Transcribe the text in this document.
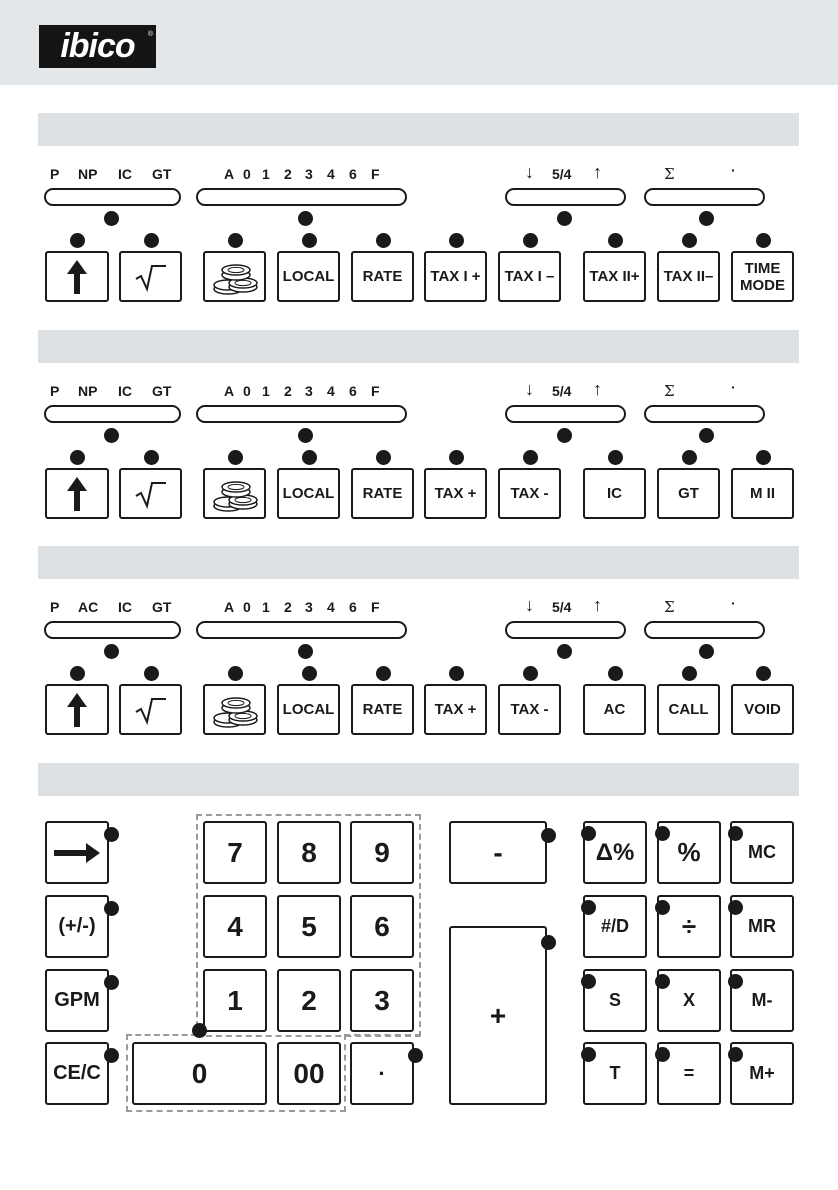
ibico ®
P NP IC GT	A 0 1 2 3 4 6 F	↓ 5/4 ↑	Σ	·
LOCAL	RATE	TAX I +	TAX I –	TAX II+	TAX II–	TIME
MODE
P NP IC GT	A 0 1 2 3 4 6 F	↓ 5/4 ↑	Σ	·
LOCAL	RATE	TAX +	TAX -	IC	GT	M II
P AC IC GT	A 0 1 2 3 4 6 F	↓ 5/4 ↑	Σ	·
LOCAL	RATE	TAX +	TAX -	AC	CALL	VOID
(+/-)
GPM
CE/C
7	8	9
4	5	6
1	2	3
0	00	·
-
+
Δ%	%	MC
#/D	÷	MR
S	X	M-
T	=	M+
